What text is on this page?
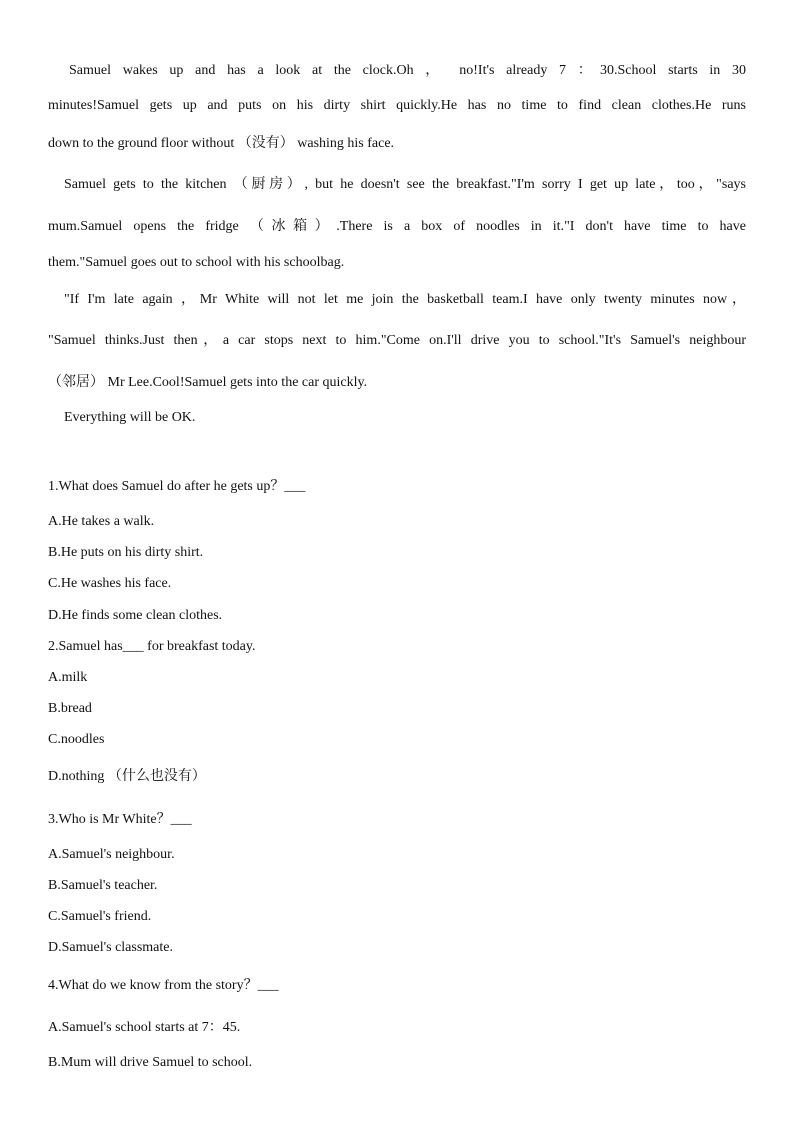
Samuel wakes up and has a look at the clock.Oh ， no!It's already 7 ：30.School starts in 30
minutes!Samuel gets up and puts on his dirty shirt quickly.He has no time to find clean clothes.He runs
down to the ground floor without （没有） washing his face.
Samuel gets to the kitchen （厨房）, but he doesn't see the breakfast."I'm sorry I get up late，too，"says
mum.Samuel opens the fridge （冰箱）.There is a box of noodles in it."I don't have time to have
them."Samuel goes out to school with his schoolbag.
"If I'm late again ，Mr White will not let me join the basketball team.I have only twenty minutes now，
"Samuel thinks.Just then，a car stops next to him."Come on.I'll drive you to school."It's Samuel's neighbour
（邻居） Mr Lee.Cool!Samuel gets into the car quickly.
Everything will be OK.
1.What does Samuel do after he gets up？___
A.He takes a walk.
B.He puts on his dirty shirt.
C.He washes his face.
D.He finds some clean clothes.
2.Samuel has___ for breakfast today.
A.milk
B.bread
C.noodles
D.nothing （什么也没有）
3.Who is Mr White？___
A.Samuel's neighbour.
B.Samuel's teacher.
C.Samuel's friend.
D.Samuel's classmate.
4.What do we know from the story？___
A.Samuel's school starts at 7：45.
B.Mum will drive Samuel to school.
